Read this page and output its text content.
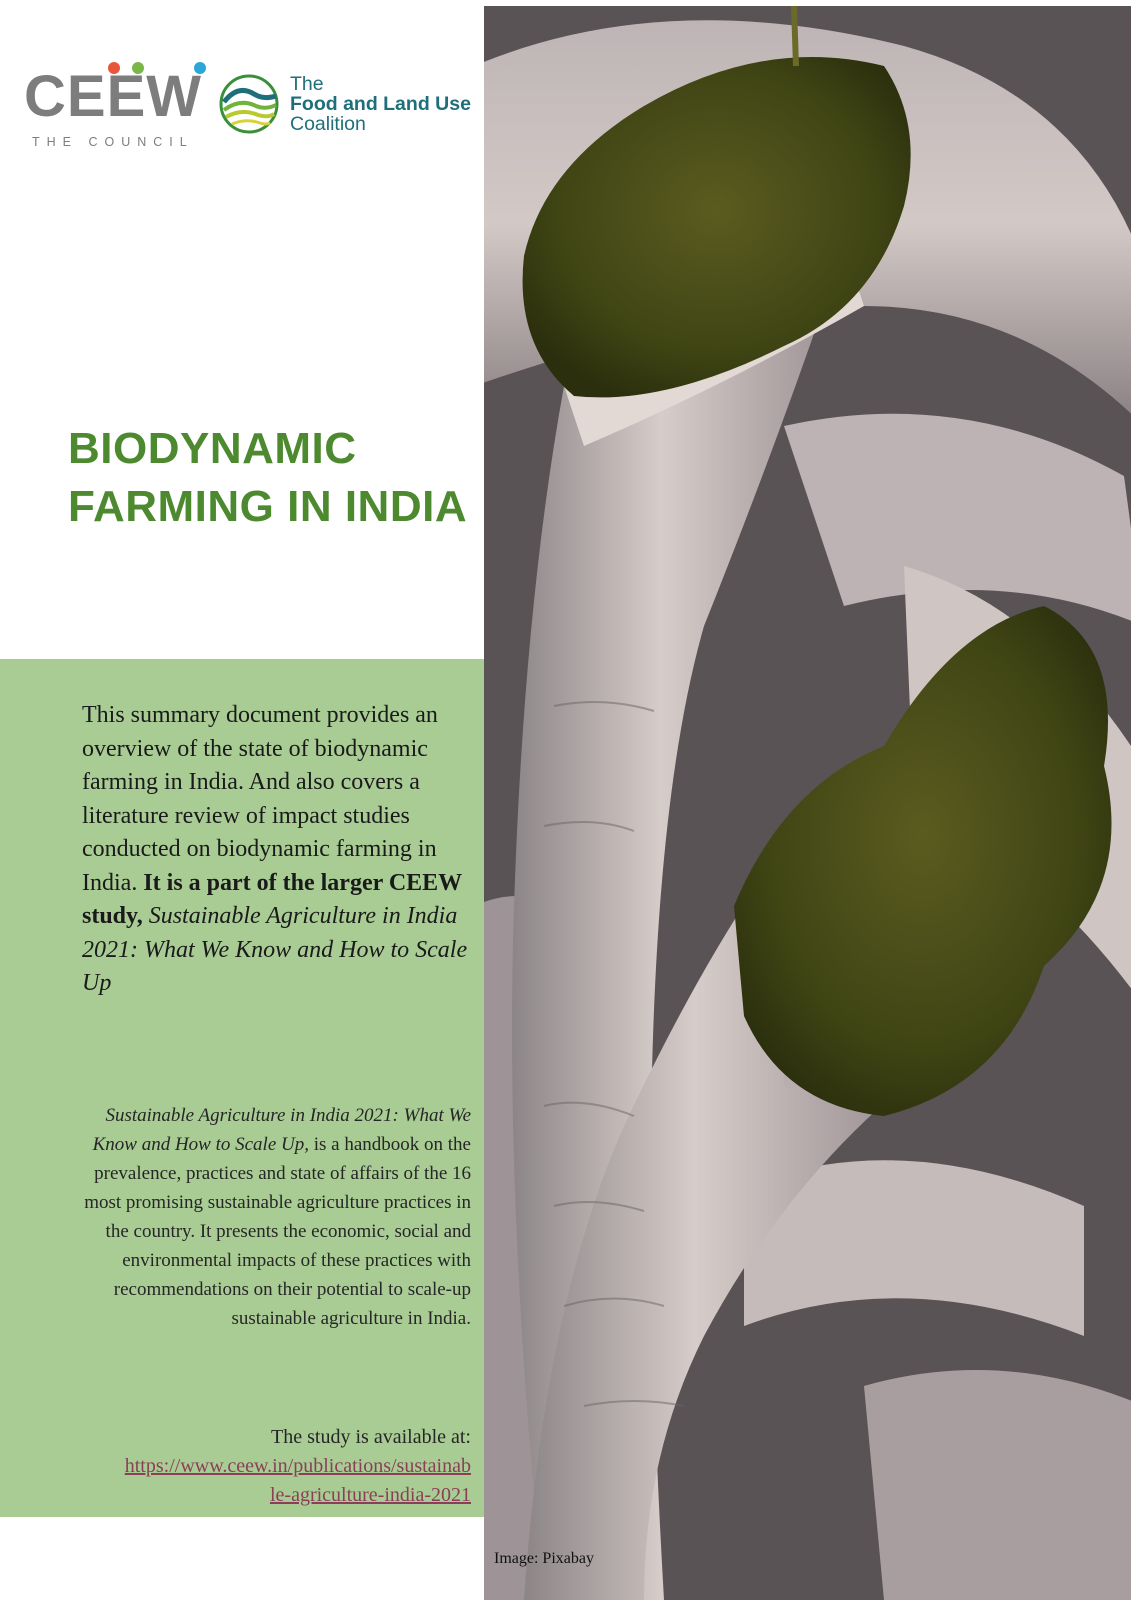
CEEW
THE COUNCIL
The
Food and Land Use
Coalition
BIODYNAMIC
FARMING IN INDIA
This summary document provides an overview of the state of biodynamic farming in India. And also covers a literature review of impact studies conducted on biodynamic farming in India. It is a part of the larger CEEW study, Sustainable Agriculture in India 2021: What We Know and How to Scale Up
Sustainable Agriculture in India 2021: What We Know and How to Scale Up, is a handbook on the prevalence, practices and state of affairs of the 16 most promising sustainable agriculture practices in the country. It presents the economic, social and environmental impacts of these practices with recommendations on their potential to scale-up sustainable agriculture in India.
The study is available at:
https://www.ceew.in/publications/sustainab
le-agriculture-india-2021
Image: Pixabay
